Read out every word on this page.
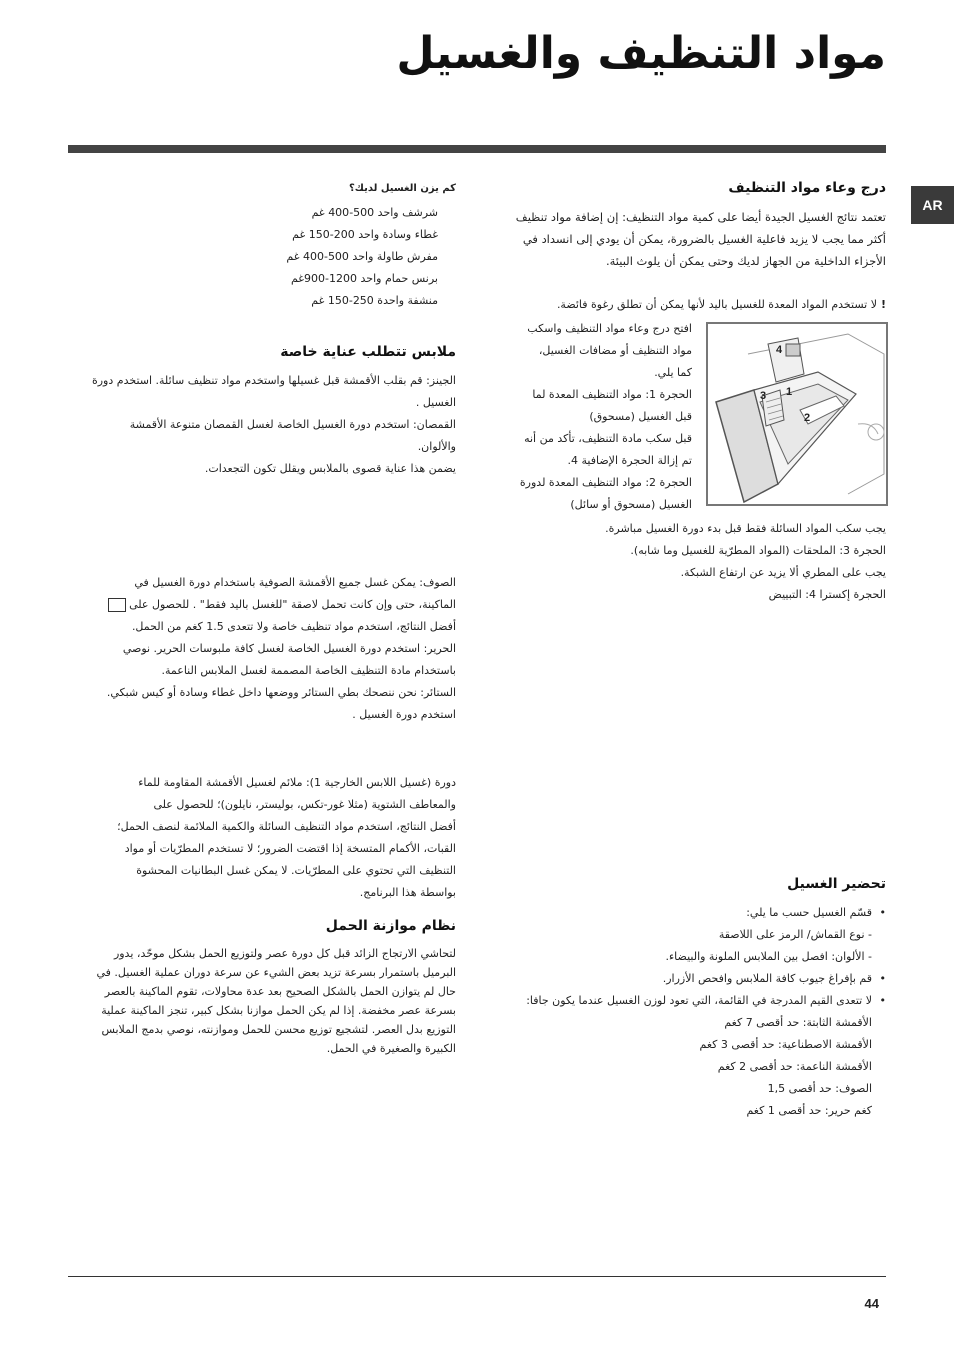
مواد التنظيف والغسيل
AR
درج وعاء مواد التنظيف

تعتمد نتائج الغسيل الجيدة أيضا على كمية مواد التنظيف: إن إضافة مواد تنظيف

أكثر مما يجب لا يزيد فاعلية الغسيل بالضرورة، يمكن أن يودي إلى انسداد في

الأجزاء الداخلية من الجهاز لديك وحتى يمكن أن يلوث البيئة.

!لا تستخدم المواد المعدة للغسيل باليد لأنها يمكن أن تطلق رغوة فائضة.
4
3 1
2

افتح درج وعاء مواد التنظيف واسكب

مواد التنظيف أو مضافات الغسيل،

كما يلي.

الحجرة 1: مواد التنظيف المعدة لما

قبل الغسيل (مسحوق)

قبل سكب مادة التنظيف، تأكد من أنه

تم إزالة الحجرة الإضافية 4.

الحجرة 2: مواد التنظيف المعدة لدورة

الغسيل (مسحوق أو سائل)

يجب سكب المواد السائلة فقط قبل بدء دورة الغسيل مباشرة.

الحجرة 3: الملحقات (المواد المطرّية للغسيل وما شابه).

يجب على المطري ألا يزيد عن ارتفاع الشبكة.

الحجرة إكسترا 4: التبييض

تحضير الغسيل
• قسّم الغسيل حسب ما يلي:
- نوع القماش/ الرمز على اللاصقة
- الألوان: افصل بين الملابس الملونة والبيضاء.
• قم بإفراغ جيوب كافة الملابس وافحص الأزرار.
• لا تتعدى القيم المدرجة في القائمة، التي تعود لوزن الغسيل عندما يكون جافا:
الأقمشة الثابتة: حد أقصى 7 كغم
الأقمشة الاصطناعية: حد أقصى 3 كغم
الأقمشة الناعمة: حد أقصى 2 كغم
الصوف: حد أقصى 1,5
كغم حرير: حد أقصى 1 كغم
كم يزن الغسيل لديك؟

شرشف واحد 500-400 غم

غطاء وسادة واحد 200-150 غم

مفرش طاولة واحد 500-400 غم

برنس حمام واحد 1200-900غم

منشفة واحدة 250-150 غم

ملابس تتطلب عناية خاصة

الجينز: قم بقلب الأقمشة قبل غسيلها واستخدم مواد تنظيف سائلة. استخدم دورة

الغسيل .

القمصان: استخدم دورة الغسيل الخاصة لغسل القمصان متنوعة الأقمشة

والألوان.

يضمن هذا عناية قصوى بالملابس ويقلل تكون التجعدات.

الصوف: يمكن غسل جميع الأقمشة الصوفية باستخدام دورة الغسيل في

الماكينة، حتى وإن كانت تحمل لاصقة "للغسل باليد فقط" . للحصول على

أفضل النتائج، استخدم مواد تنظيف خاصة ولا تتعدى 1.5 كغم من الحمل.

الحرير: استخدم دورة الغسيل الخاصة لغسل كافة ملبوسات الحرير. نوصي

باستخدام مادة التنظيف الخاصة المصممة لغسل الملابس الناعمة.

الستائر: نحن ننصحك بطي الستائر ووضعها داخل غطاء وسادة أو كيس شبكي.

استخدم دورة الغسيل .

دورة (غسيل اللابس الخارجية 1): ملائم لغسيل الأقمشة المقاومة للماء

والمعاطف الشتوية (مثلا غور-تكس، بوليستر، نايلون)؛ للحصول على

أفضل النتائج، استخدم مواد التنظيف السائلة والكمية الملائمة لنصف الحمل؛

القبات، الأكمام المتسخة إذا اقتضت الضرور؛ لا تستخدم المطرّيات أو مواد

التنظيف التي تحتوي على المطرّيات. لا يمكن غسل البطانيات المحشوة

بواسطة هذا البرنامج.

نظام موازنة الحمل

لتحاشي الارتجاج الزائد قبل كل دورة عصر ولتوزيع الحمل بشكل موحّد، يدور

البرميل باستمرار بسرعة تزيد بعض الشيء عن سرعة دوران عملية الغسيل. في

حال لم يتوازن الحمل بالشكل الصحيح بعد عدة محاولات، تقوم الماكينة بالعصر

بسرعة عصر مخفضة. إذا لم يكن الحمل موازنا بشكل كبير، تنجز الماكينة عملية

التوزيع بدل العصر. لتشجيع توزيع محسن للحمل وموازنته، نوصي بدمج الملابس

الكبيرة والصغيرة في الحمل.

44
